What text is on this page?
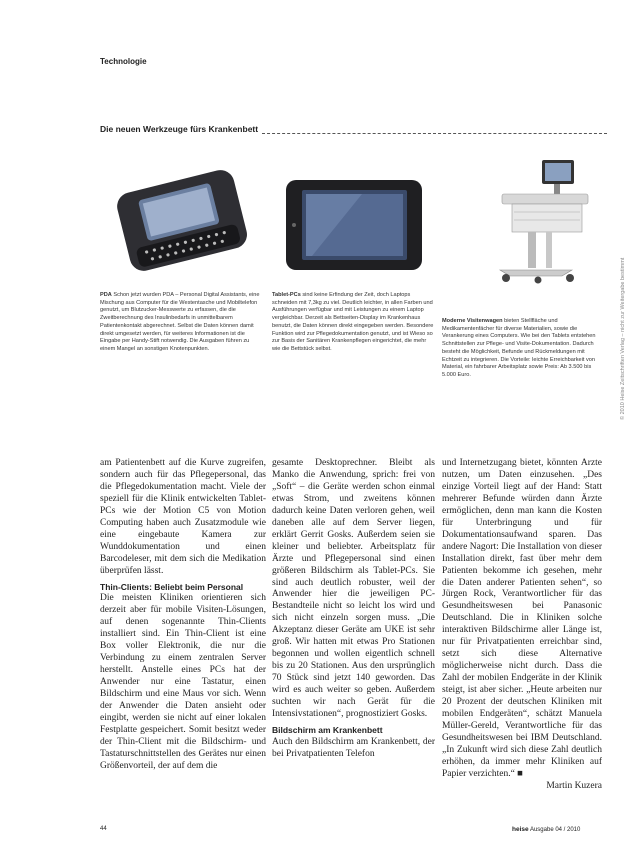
Technologie
Die neuen Werkzeuge fürs Krankenbett

PDA Schon jetzt wurden PDA – Personal Digital Assistants, eine Mischung aus Computer für die Westentasche und Mobiltelefon genutzt, um Blutzucker-Messwerte zu erfassen, die die Zweitberechnung des Insulinbedarfs in unmittelbarem Patientenkontakt abgerechnet. Selbst die Daten können damit direkt umgesetzt werden, für weiteres Informationen ist die Eingabe per Handy-Stift notwendig. Die Ausgaben führen zu einem Mangel an sonstigen Knotenpunkten.

Tablet-PCs sind keine Erfindung der Zeit, doch Laptops schneiden mit 7,3kg zu viel. Deutlich leichter, in allen Farben und Ausführungen verfügbar und mit Leistungen zu einem Laptop vergleichbar. Derzeit als Bettseiten-Display im Krankenhaus benutzt, die Daten können direkt eingegeben werden. Besondere Funktion wird zur Pflegedokumentation genutzt, und ist Wieso so zur Basis der Sanitären Krankenpflegen eingerichtet, die mehr wie die Bettstück selbst.

Moderne Visitenwagen bieten Stellfläche und Medikamentenfächer für diverse Materialien, sowie die Verankerung eines Computers. Wie bei den Tablets entstehen Schnittstellen zur Pflege- und Visite-Dokumentation. Dadurch besteht die Möglichkeit, Befunde und Rückmeldungen mit Echtzeit zu integrieren. Die Vorteile: leichte Erreichbarkeit von Material, ein fahrbarer Arbeitsplatz sowie Preis: Ab 3.500 bis 5.000 Euro.

am Patientenbett auf die Kurve zugreifen, sondern auch für das Pflegepersonal, das die Pflegedokumentation macht. Viele der speziell für die Klinik entwickelten Tablet-PCs wie der Motion C5 von Motion Computing haben auch Zusatzmodule wie eine eingebaute Kamera zur Wunddokumentation und einen Barcodeleser, mit dem sich die Medikation überprüfen lässt.

Thin-Clients: Beliebt beim Personal

Die meisten Kliniken orientieren sich derzeit aber für mobile Visiten-Lösungen, auf denen sogenannte Thin-Clients installiert sind. Ein Thin-Client ist eine Box voller Elektronik, die nur die Verbindung zu einem zentralen Server herstellt. Anstelle eines PCs hat der Anwender nur eine Tastatur, einen Bildschirm und eine Maus vor sich. Wenn der Anwender die Daten ansieht oder eingibt, werden sie nicht auf einer lokalen Festplatte gespeichert. Somit besitzt weder der Thin-Client mit die Bildschirm- und Tastaturschnittstellen des Gerätes nur einen Größenvorteil, der auf dem die

gesamte Desktoprechner. Bleibt als Manko die Anwendung, sprich: frei von „Soft“ – die Geräte werden schon einmal etwas Strom, und zweitens können dadurch keine Daten verloren gehen, weil daneben alle auf dem Server liegen, erklärt Gerrit Gosks. Außerdem seien sie kleiner und beliebter. Arbeitsplatz für Ärzte und Pflegepersonal sind einen größeren Bildschirm als Tablet-PCs. Sie sind auch deutlich robuster, weil der Anwender hier die jeweiligen PC-Bestandteile nicht so leicht los wird und sich nicht einzeln sorgen muss. „Die Akzeptanz dieser Geräte am UKE ist sehr groß. Wir hatten mit etwas Pro Stationen begonnen und wollen eigentlich schnell bis zu 20 Stationen. Aus den ursprünglich 70 Stück sind jetzt 140 geworden. Das wird es auch weiter so geben. Außerdem suchten wir nach Gerät für die Intensivstationen“, prognostiziert Gosks.

Bildschirm am Krankenbett

Auch den Bildschirm am Krankenbett, der bei Privatpatienten Telefon

und Internetzugang bietet, könnten Ärzte nutzen, um Daten einzusehen. „Des einzige Vorteil liegt auf der Hand: Statt mehrerer Befunde würden dann Ärzte ermöglichen, denn man kann die Kosten für Unterbringung und für Dokumentationsaufwand sparen. Das andere Nagort: Die Installation von dieser Installation direkt, fast über mehr dem Patienten bekomme ich gesehen, mehr die Daten anderer Patienten sehen“, so Jürgen Rock, Verantwortlicher für das Gesundheitswesen bei Panasonic Deutschland. Die in Kliniken solche interaktiven Bildschirme aller Länge ist, nur für Privatpatienten erreichbar sind, setzt sich diese Alternative möglicherweise nicht durch. Dass die Zahl der mobilen Endgeräte in der Klinik steigt, ist aber sicher. „Heute arbeiten nur 20 Prozent der deutschen Kliniken mit mobilen Endgeräten“, schätzt Manuela Müller-Gereld, Verantwortliche für das Gesundheitswesen bei IBM Deutschland. „In Zukunft wird sich diese Zahl deutlich erhöhen, da immer mehr Kliniken auf Papier verzichten.“ ■

Martin Kuzera

44	heise Ausgabe 04 / 2010
© 2010 Heise Zeitschriften Verlag – nicht zur Weitergabe bestimmt
